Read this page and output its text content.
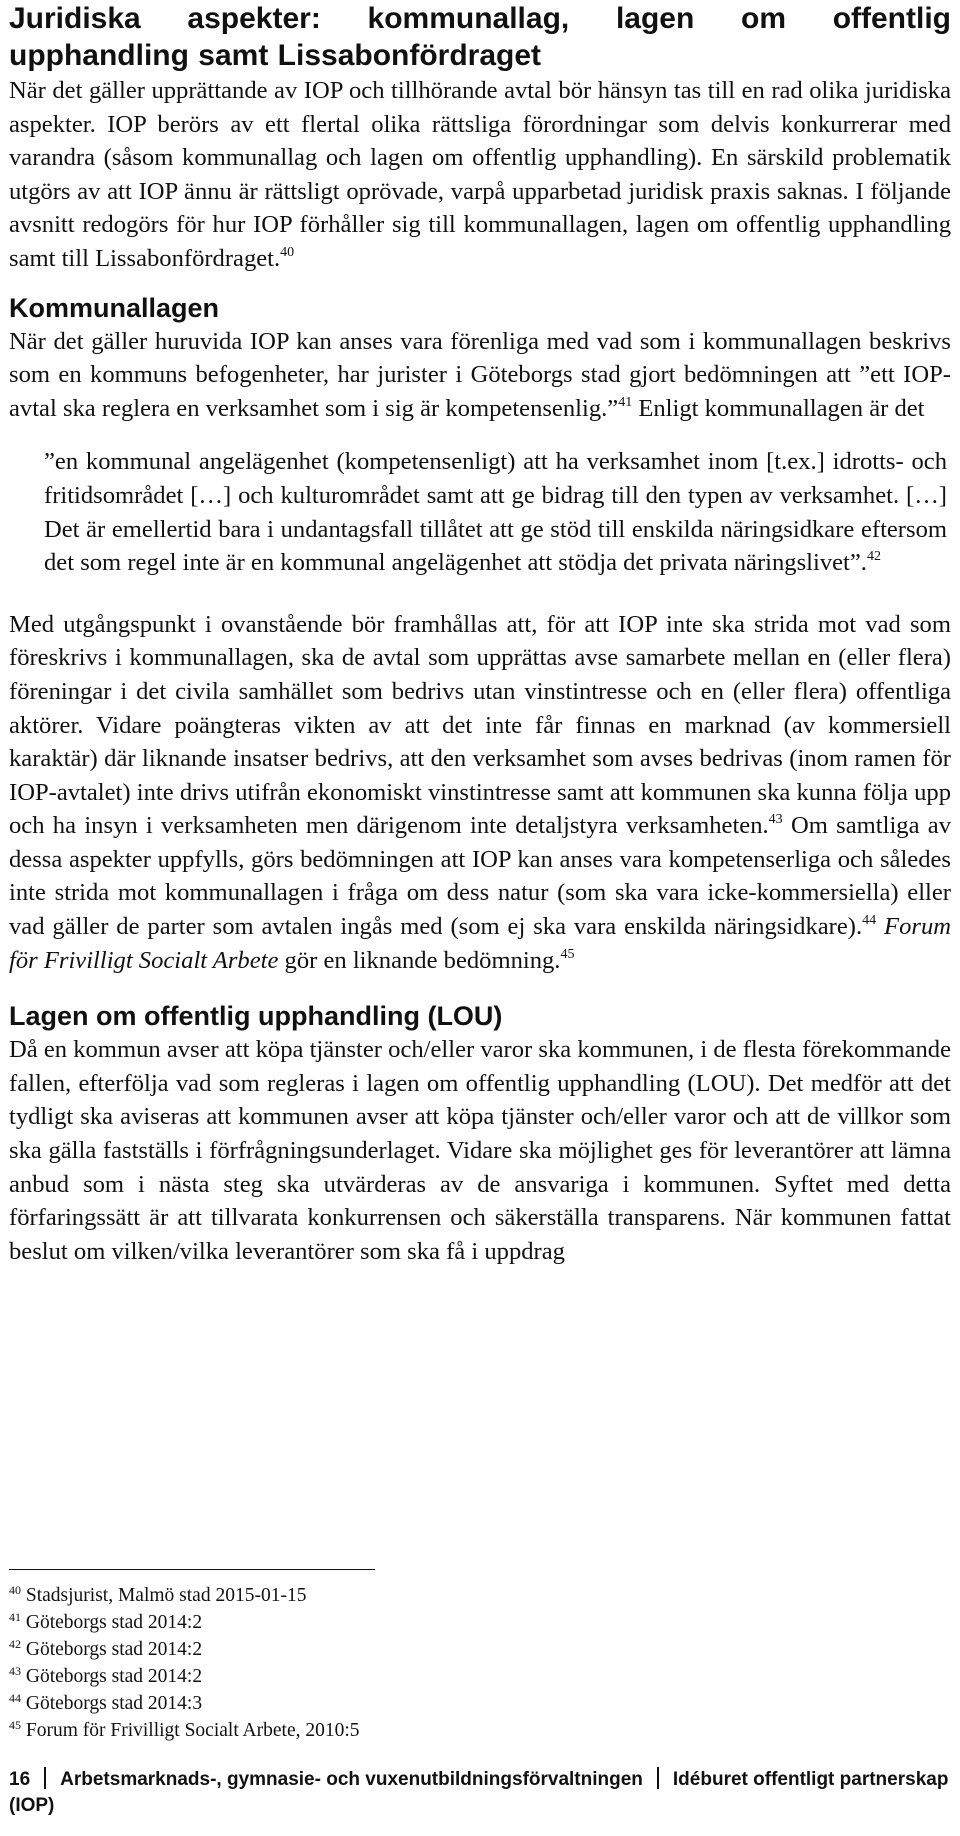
Juridiska aspekter: kommunallag, lagen om offentlig upphandling samt Lissabonfördraget

När det gäller upprättande av IOP och tillhörande avtal bör hänsyn tas till en rad olika juridiska aspekter. IOP berörs av ett flertal olika rättsliga förordningar som delvis konkurrerar med varandra (såsom kommunallag och lagen om offentlig upphandling). En särskild problematik utgörs av att IOP ännu är rättsligt oprövade, varpå upparbetad juridisk praxis saknas. I följande avsnitt redogörs för hur IOP förhåller sig till kommunallagen, lagen om offentlig upphandling samt till Lissabonfördraget.$^{40}$

Kommunallagen

När det gäller huruvida IOP kan anses vara förenliga med vad som i kommunallagen beskrivs som en kommuns befogenheter, har jurister i Göteborgs stad gjort bedömningen att ”ett IOP-avtal ska reglera en verksamhet som i sig är kompetensenlig.”$^{41}$ Enligt kommunallagen är det

”en kommunal angelägenhet (kompetensenligt) att ha verksamhet inom [t.ex.] idrotts- och fritidsområdet […] och kulturområdet samt att ge bidrag till den typen av verksamhet. […] Det är emellertid bara i undantagsfall tillåtet att ge stöd till enskilda näringsidkare eftersom det som regel inte är en kommunal angelägenhet att stödja det privata näringslivet”.$^{42}$

Med utgångspunkt i ovanstående bör framhållas att, för att IOP inte ska strida mot vad som föreskrivs i kommunallagen, ska de avtal som upprättas avse samarbete mellan en (eller flera) föreningar i det civila samhället som bedrivs utan vinstintresse och en (eller flera) offentliga aktörer. Vidare poängteras vikten av att det inte får finnas en marknad (av kommersiell karaktär) där liknande insatser bedrivs, att den verksamhet som avses bedrivas (inom ramen för IOP-avtalet) inte drivs utifrån ekonomiskt vinstintresse samt att kommunen ska kunna följa upp och ha insyn i verksamheten men därigenom inte detaljstyra verksamheten.$^{43}$ Om samtliga av dessa aspekter uppfylls, görs bedömningen att IOP kan anses vara kompetenserliga och således inte strida mot kommunallagen i fråga om dess natur (som ska vara icke-kommersiella) eller vad gäller de parter som avtalen ingås med (som ej ska vara enskilda näringsidkare).$^{44}$ Forum för Frivilligt Socialt Arbete gör en liknande bedömning.$^{45}$

Lagen om offentlig upphandling (LOU)

Då en kommun avser att köpa tjänster och/eller varor ska kommunen, i de flesta förekommande fallen, efterfölja vad som regleras i lagen om offentlig upphandling (LOU). Det medför att det tydligt ska aviseras att kommunen avser att köpa tjänster och/eller varor och att de villkor som ska gälla fastställs i förfrågningsunderlaget. Vidare ska möjlighet ges för leverantörer att lämna anbud som i nästa steg ska utvärderas av de ansvariga i kommunen. Syftet med detta förfaringssätt är att tillvarata konkurrensen och säkerställa transparens. När kommunen fattat beslut om vilken/vilka leverantörer som ska få i uppdrag

$^{40}$ Stadsjurist, Malmö stad 2015-01-15
$^{41}$ Göteborgs stad 2014:2
$^{42}$ Göteborgs stad 2014:2
$^{43}$ Göteborgs stad 2014:2
$^{44}$ Göteborgs stad 2014:3
$^{45}$ Forum för Frivilligt Socialt Arbete, 2010:5
16 Arbetsmarknads-, gymnasie- och vuxenutbildningsförvaltningen Idéburet offentligt partnerskap (IOP)
